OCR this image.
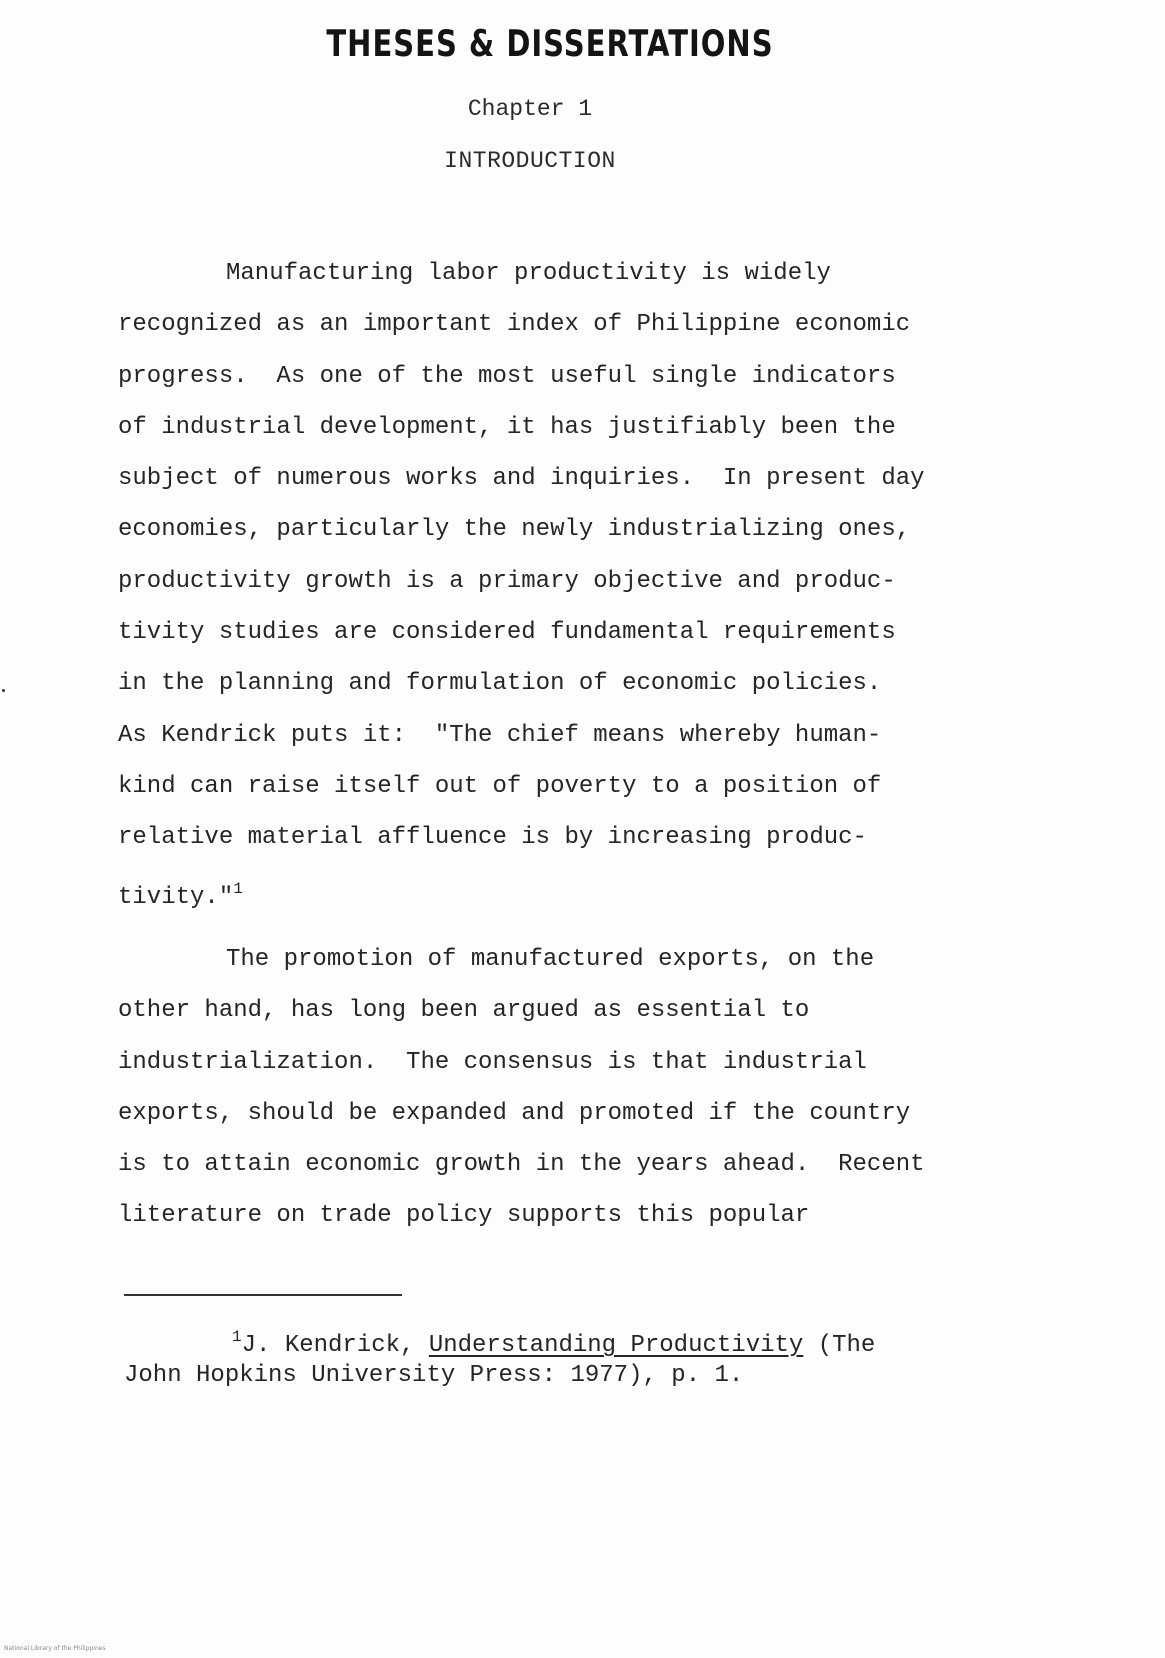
THESES & DISSERTATIONS
Chapter 1
INTRODUCTION
Manufacturing labor productivity is widely
recognized as an important index of Philippine economic
progress.  As one of the most useful single indicators
of industrial development, it has justifiably been the
subject of numerous works and inquiries.  In present day
economies, particularly the newly industrializing ones,
productivity growth is a primary objective and produc-
tivity studies are considered fundamental requirements
in the planning and formulation of economic policies.
As Kendrick puts it:  "The chief means whereby human-
kind can raise itself out of poverty to a position of
relative material affluence is by increasing produc-
tivity."$^1$
The promotion of manufactured exports, on the
other hand, has long been argued as essential to
industrialization.  The consensus is that industrial
exports, should be expanded and promoted if the country
is to attain economic growth in the years ahead.  Recent
literature on trade policy supports this popular
$^1$J. Kendrick, Understanding Productivity (The
John Hopkins University Press: 1977), p. 1.
National Library of the Philippines
